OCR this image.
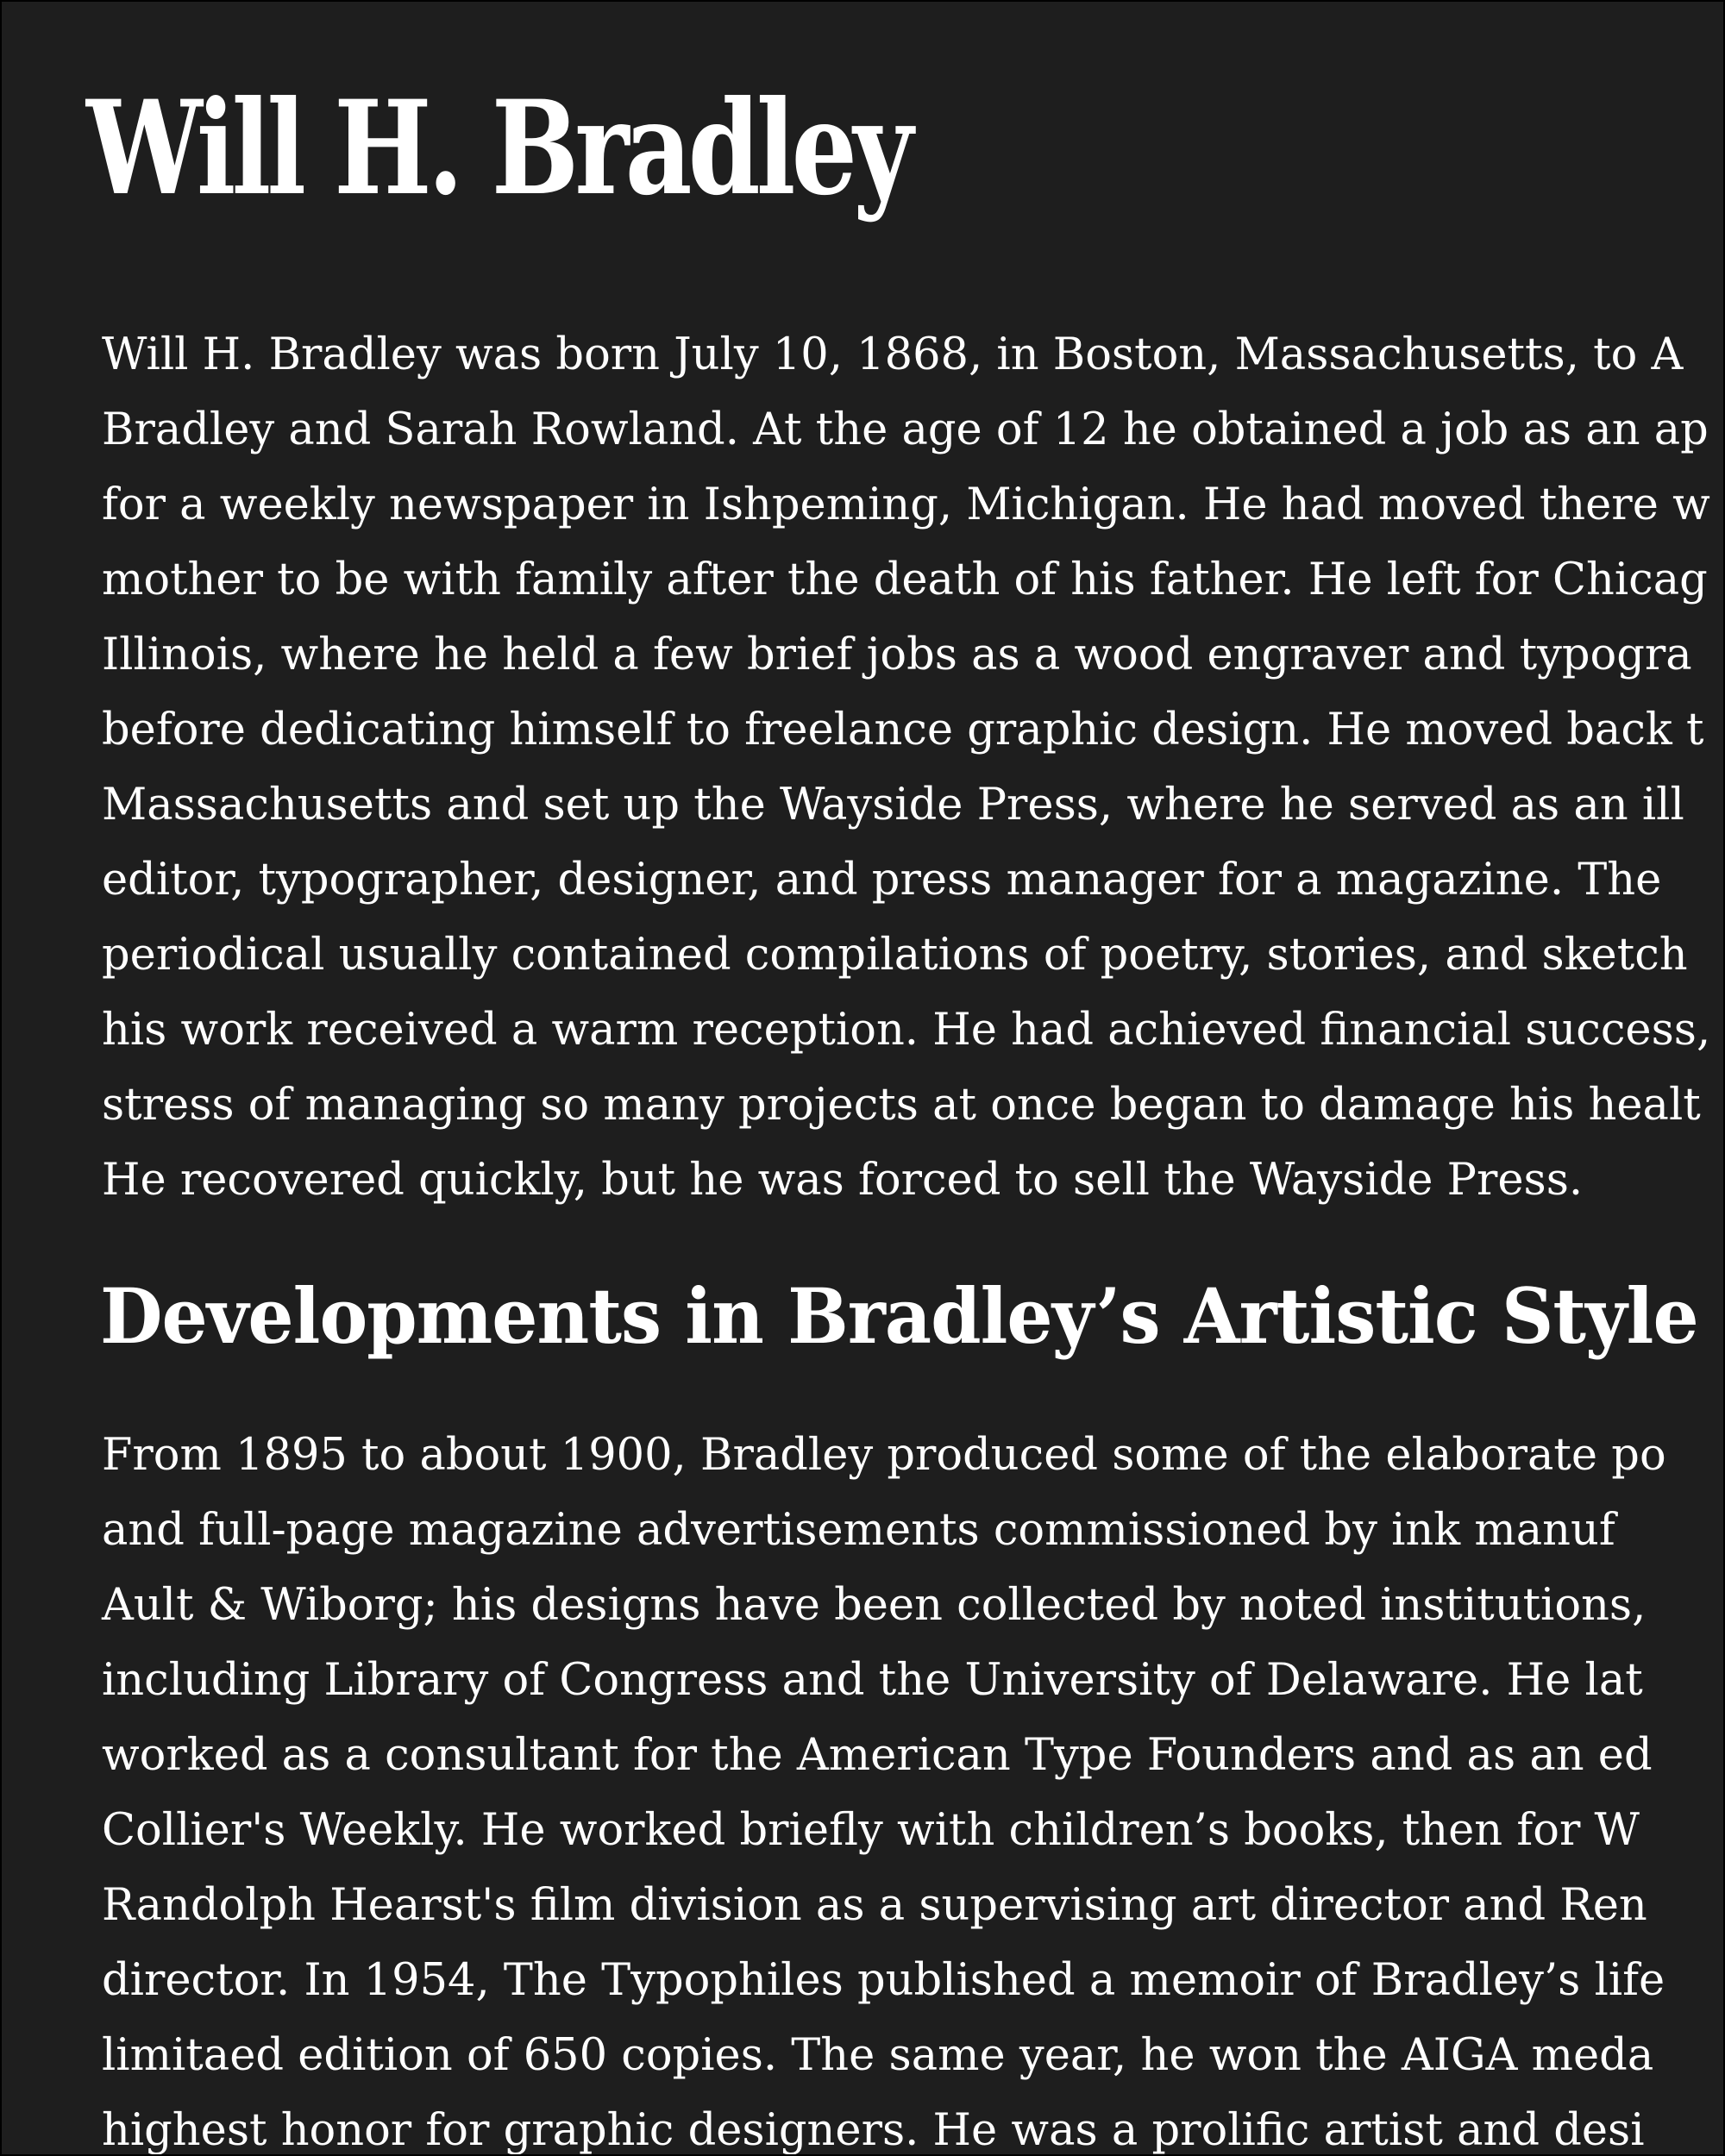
Will H. Bradley
Will H. Bradley was born July 10, 1868, in Boston, Massachusetts, to A
Bradley and Sarah Rowland. At the age of 12 he obtained a job as an ap
for a weekly newspaper in Ishpeming, Michigan. He had moved there w
mother to be with family after the death of his father. He left for Chicag
Illinois, where he held a few brief jobs as a wood engraver and typogra
before dedicating himself to freelance graphic design. He moved back t
Massachusetts and set up the Wayside Press, where he served as an ill
editor, typographer, designer, and press manager for a magazine. The
periodical usually contained compilations of poetry, stories, and sketch
his work received a warm reception. He had achieved financial success,
stress of managing so many projects at once began to damage his healt
He recovered quickly, but he was forced to sell the Wayside Press.
Developments in Bradley’s Artistic Style
From 1895 to about 1900, Bradley produced some of the elaborate po
and full-page magazine advertisements commissioned by ink manuf
Ault & Wiborg; his designs have been collected by noted institutions,
including Library of Congress and the University of Delaware. He lat
worked as a consultant for the American Type Founders and as an ed
Collier's Weekly. He worked briefly with children’s books, then for W
Randolph Hearst's film division as a supervising art director and Ren
director. In 1954, The Typophiles published a memoir of Bradley’s life
limitaed edition of 650 copies. The same year, he won the AIGA meda
highest honor for graphic designers. He was a prolific artist and desi
